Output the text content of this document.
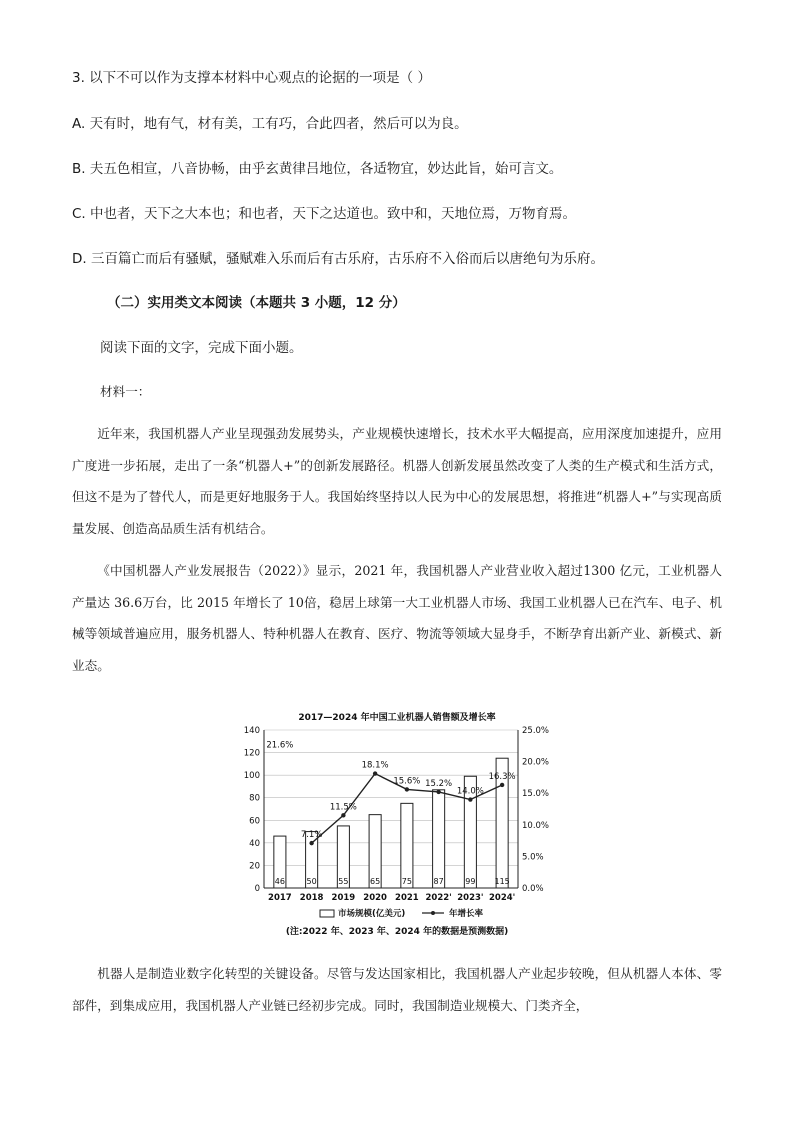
3. 以下不可以作为支撑本材料中心观点的论据的一项是（ ）
A. 天有时，地有气，材有美，工有巧，合此四者，然后可以为良。
B. 夫五色相宣，八音协畅，由乎玄黄律吕地位，各适物宜，妙达此旨，始可言文。
C. 中也者，天下之大本也；和也者，天下之达道也。致中和，天地位焉，万物育焉。
D. 三百篇亡而后有骚赋，骚赋难入乐而后有古乐府，古乐府不入俗而后以唐绝句为乐府。
（二）实用类文本阅读（本题共 3 小题，12 分）
阅读下面的文字，完成下面小题。
材料一：
近年来，我国机器人产业呈现强劲发展势头，产业规模快速增长，技术水平大幅提高，应用深度加速提升，应用广度进一步拓展，走出了一条“机器人+”的创新发展路径。机器人创新发展虽然改变了人类的生产模式和生活方式，但这不是为了替代人，而是更好地服务于人。我国始终坚持以人民为中心的发展思想，将推进“机器人+”与实现高质量发展、创造高品质生活有机结合。
《中国机器人产业发展报告（2022）》显示，2021 年，我国机器人产业营业收入超过1300 亿元，工业机器人产量达 36.6万台，比 2015 年增长了 10倍，稳居上球第一大工业机器人市场、我国工业机器人已在汽车、电子、机械等领域普遍应用，服务机器人、特种机器人在教育、医疗、物流等领域大显身手，不断孕育出新产业、新模式、新业态。
2017—2024 年中国工业机器人销售额及增长率
0
20
40
60
80
100
120
140
0.0%
5.0%
10.0%
15.0%
20.0%
25.0%
46
2017
50
2018
55
2019
65
2020
75
2021
87
2022'
99
2023'
115
2024'
21.6%
7.1%
11.5%
18.1%
15.6% 15.2%
14.0%
16.3%
市场规模(亿美元)	年增长率
(注:2022 年、2023 年、2024 年的数据是预测数据)
机器人是制造业数字化转型的关键设备。尽管与发达国家相比，我国机器人产业起步较晚，但从机器人本体、零部件，到集成应用，我国机器人产业链已经初步完成。同时，我国制造业规模大、门类齐全，
